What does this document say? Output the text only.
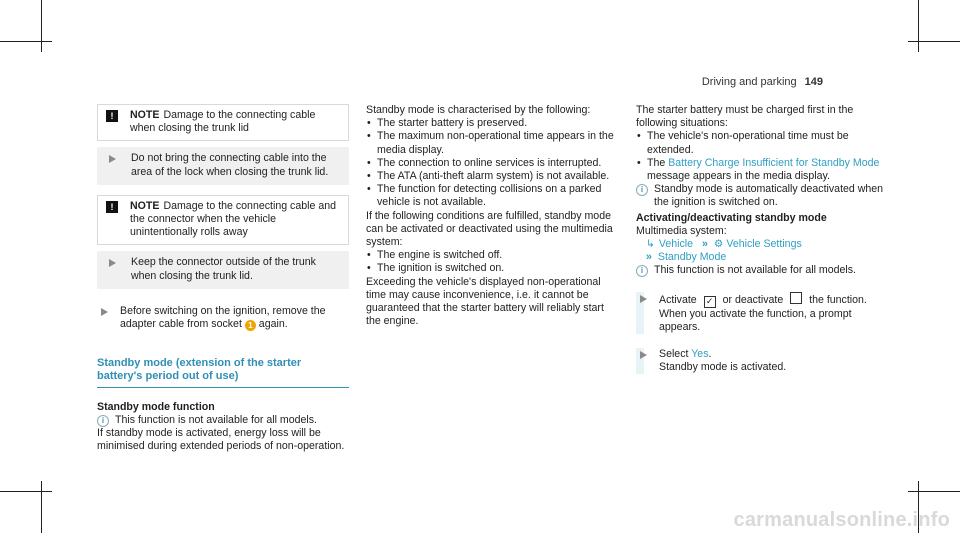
Driving and parking 149
!	NOTE Damage to the connecting cable when closing the trunk lid
Do not bring the connecting cable into the area of the lock when closing the trunk lid.
!	NOTE Damage to the connecting cable and the connector when the vehicle unintentionally rolls away
Keep the connector outside of the trunk when closing the trunk lid.
Before switching on the ignition, remove the adapter cable from socket 1 again.
Standby mode (extension of the starter battery's period out of use)
Standby mode function
i	This function is not available for all models.
If standby mode is activated, energy loss will be minimised during extended periods of non-operation.
Standby mode is characterised by the following:
• The starter battery is preserved.
• The maximum non-operational time appears in the media display.
• The connection to online services is interrupted.
• The ATA (anti-theft alarm system) is not available.
• The function for detecting collisions on a parked vehicle is not available.
If the following conditions are fulfilled, standby mode can be activated or deactivated using the multimedia system:
• The engine is switched off.
• The ignition is switched on.
Exceeding the vehicle's displayed non-operational time may cause inconvenience, i.e. it cannot be guaranteed that the starter battery will reliably start the engine.
The starter battery must be charged first in the following situations:
• The vehicle's non-operational time must be extended.
• The Battery Charge Insufficient for Standby Mode message appears in the media display.
i	Standby mode is automatically deactivated when the ignition is switched on.
Activating/deactivating standby mode
Multimedia system:
↳ Vehicle » ⚙ Vehicle Settings
» Standby Mode
i	This function is not available for all models.
Activate ✓ or deactivate the function.
When you activate the function, a prompt appears.
Select Yes.
Standby mode is activated.
carmanualsonline.info
